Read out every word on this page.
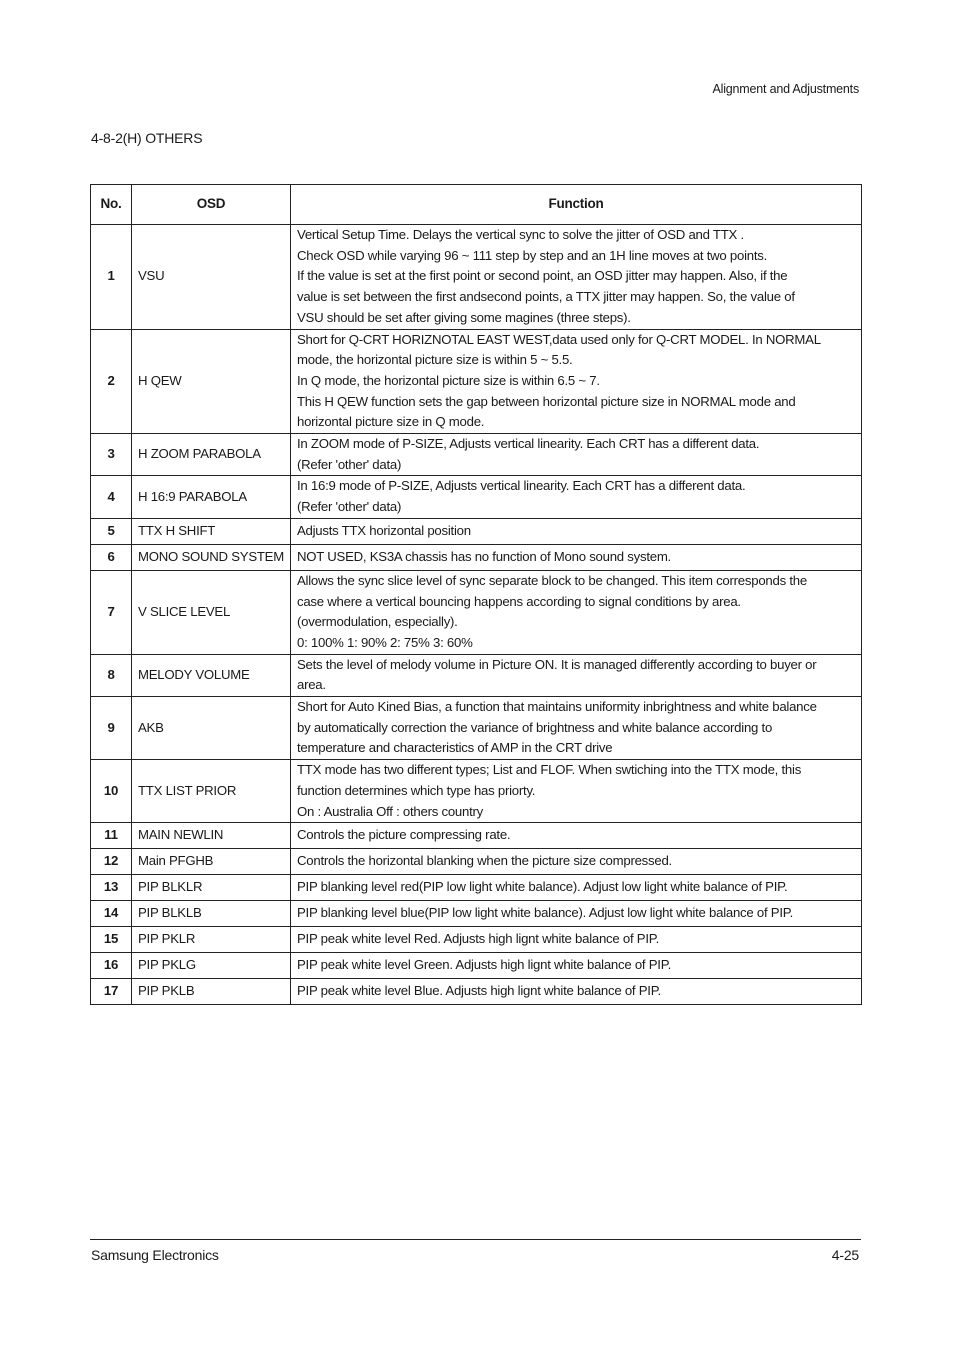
Alignment and Adjustments
4-8-2(H) OTHERS
No.	OSD	Function
1	VSU	Vertical Setup Time. Delays the vertical sync to solve the jitter of OSD and TTX .
Check OSD while varying 96 ~ 111 step by step and an 1H line moves at two points.
If the value is set at the first point or second point, an OSD jitter may happen. Also, if the
value is set between the first andsecond points, a TTX jitter may happen. So, the value of
VSU should be set after giving some magines (three steps).

2	H QEW	Short for Q-CRT HORIZNOTAL EAST WEST,data used only for Q-CRT MODEL. In NORMAL
mode, the horizontal picture size is within 5 ~ 5.5.
In Q mode, the horizontal picture size is within 6.5 ~ 7.
This H QEW function sets the gap between horizontal picture size in NORMAL mode and
horizontal picture size in Q mode.

3	H ZOOM PARABOLA	In ZOOM mode of P-SIZE, Adjusts vertical linearity. Each CRT has a different data.
(Refer 'other' data)

4	H 16:9 PARABOLA	In 16:9 mode of P-SIZE, Adjusts vertical linearity. Each CRT has a different data.
(Refer 'other' data)

5	TTX H SHIFT	Adjusts TTX horizontal position

6	MONO SOUND SYSTEM	NOT USED, KS3A chassis has no function of Mono sound system.

7	V SLICE LEVEL	Allows the sync slice level of sync separate block to be changed. This item corresponds the
case where a vertical bouncing happens according to signal conditions by area.
(overmodulation, especially).
0: 100% 1: 90% 2: 75% 3: 60%

8	MELODY VOLUME	Sets the level of melody volume in Picture ON. It is managed differently according to buyer or
area.

9	AKB	Short for Auto Kined Bias, a function that maintains uniformity inbrightness and white balance
by automatically correction the variance of brightness and white balance according to
temperature and characteristics of AMP in the CRT drive

10	TTX LIST PRIOR	TTX mode has two different types; List and FLOF. When swtiching into the TTX mode, this
function determines which type has priorty.
On : Australia Off : others country

11	MAIN NEWLIN	Controls the picture compressing rate.

12	Main PFGHB	Controls the horizontal blanking when the picture size compressed.

13	PIP BLKLR	PIP blanking level red(PIP low light white balance). Adjust low light white balance of PIP.

14	PIP BLKLB	PIP blanking level blue(PIP low light white balance). Adjust low light white balance of PIP.

15	PIP PKLR	PIP peak white level Red. Adjusts high lignt white balance of PIP.

16	PIP PKLG	PIP peak white level Green. Adjusts high lignt white balance of PIP.

17	PIP PKLB	PIP peak white level Blue. Adjusts high lignt white balance of PIP.
Samsung Electronics	4-25
